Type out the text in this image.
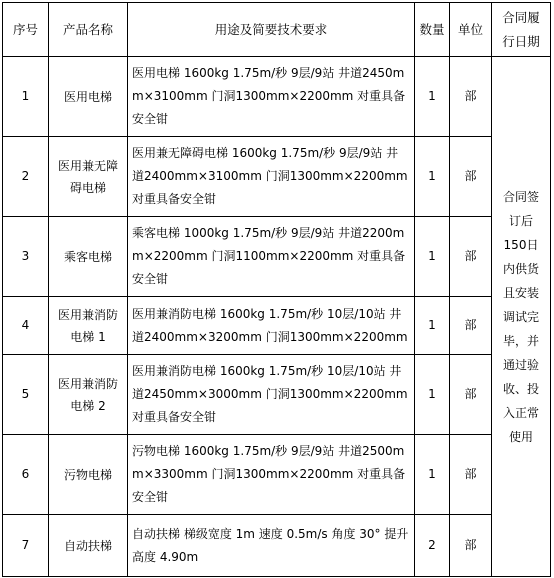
序号	产品名称	用途及简要技术要求	数量	单位	合同履行日期
1	医用电梯	医用电梯 1600kg 1.75m/秒 9层/9站 井道2450mm×3100mm 门洞1300mm×2200mm 对重具备安全钳	1	部	合同签订后150日内供货且安装调试完毕，并通过验收、投入正常使用
2	医用兼无障碍电梯	医用兼无障碍电梯 1600kg 1.75m/秒 9层/9站 井道2400mm×3100mm 门洞1300mm×2200mm 对重具备安全钳	1	部	
3	乘客电梯	乘客电梯 1000kg 1.75m/秒 9层/9站 井道2200mm×2200mm 门洞1100mm×2200mm 对重具备安全钳	1	部	
4	医用兼消防电梯 1	医用兼消防电梯 1600kg 1.75m/秒 10层/10站 井道2400mm×3200mm 门洞1300mm×2200mm	1	部	
5	医用兼消防电梯 2	医用兼消防电梯 1600kg 1.75m/秒 10层/10站 井道2450mm×3000mm 门洞1300mm×2200mm 对重具备安全钳	1	部	
6	污物电梯	污物电梯 1600kg 1.75m/秒 9层/9站 井道2500mm×3300mm 门洞1300mm×2200mm 对重具备安全钳	1	部	
7	自动扶梯	自动扶梯 梯级宽度 1m 速度 0.5m/s 角度 30° 提升高度 4.90m	2	部	
